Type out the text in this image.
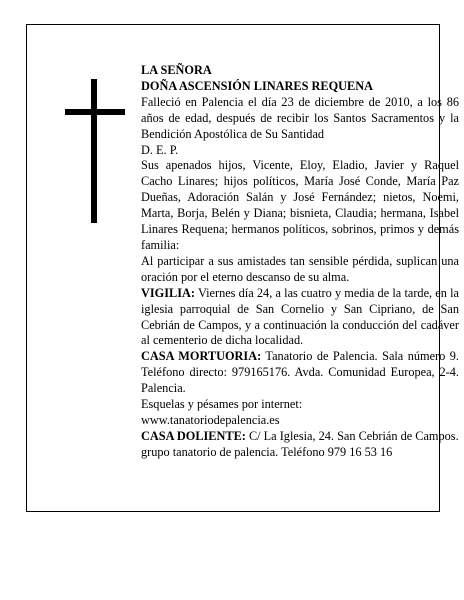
LA SEÑORA

DOÑA ASCENSIÓN LINARES REQUENA

Falleció en Palencia el día 23 de diciembre de 2010, a los 86 años de edad, después de recibir los Santos Sacramentos y la Bendición Apostólica de Su Santidad

D. E. P.

Sus apenados hijos, Vicente, Eloy, Eladio, Javier y Raquel Cacho Linares; hijos políticos, María José Conde, María Paz Dueñas, Adoración Salán y José Fernández; nietos, Noemi, Marta, Borja, Belén y Diana; bisnieta, Claudia; hermana, Isabel Linares Requena; hermanos políticos, sobrinos, primos y demás familia:

Al participar a sus amistades tan sensible pérdida, suplican una oración por el eterno descanso de su alma.

VIGILIA: Viernes día 24, a las cuatro y media de la tarde, en la iglesia parroquial de San Cornelio y San Cipriano, de San Cebrián de Campos, y a continuación la conducción del cadáver al cementerio de dicha localidad.

CASA MORTUORIA: Tanatorio de Palencia. Sala número 9. Teléfono directo: 979165176. Avda. Comunidad Europea, 2-4. Palencia.

Esquelas y pésames por internet:

www.tanatoriodepalencia.es

CASA DOLIENTE: C/ La Iglesia, 24. San Cebrián de Campos.

grupo tanatorio de palencia. Teléfono 979 16 53 16
